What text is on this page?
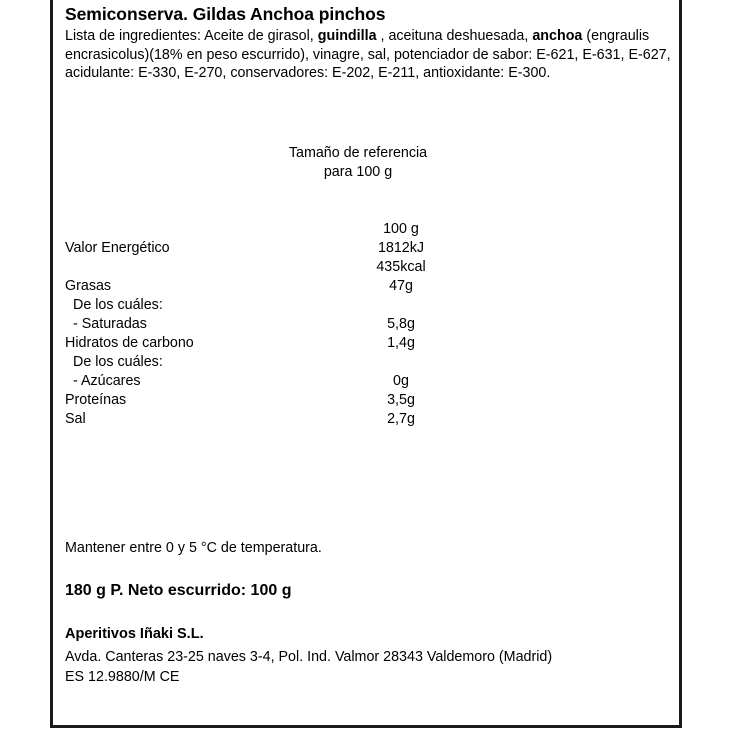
Semiconserva. Gildas Anchoa pinchos
Lista de ingredientes: Aceite de girasol, guindilla , aceituna deshuesada, anchoa (engraulis encrasicolus)(18% en peso escurrido), vinagre, sal, potenciador de sabor: E-621, E-631, E-627, acidulante: E-330, E-270, conservadores: E-202, E-211, antioxidante: E-300.
Tamaño de referencia
para 100 g

Valor Energético

Grasas
De los cuáles:
- Saturadas
Hidratos de carbono
De los cuáles:
- Azúcares
Proteínas
Sal
100 g
1812kJ
435kcal
47g
5,8g
1,4g
0g
3,5g
2,7g
Mantener entre 0 y 5 °C de temperatura.
180 g P. Neto escurrido: 100 g
Aperitivos Iñaki S.L.
Avda. Canteras 23-25 naves 3-4, Pol. Ind. Valmor 28343 Valdemoro (Madrid)
ES 12.9880/M CE
